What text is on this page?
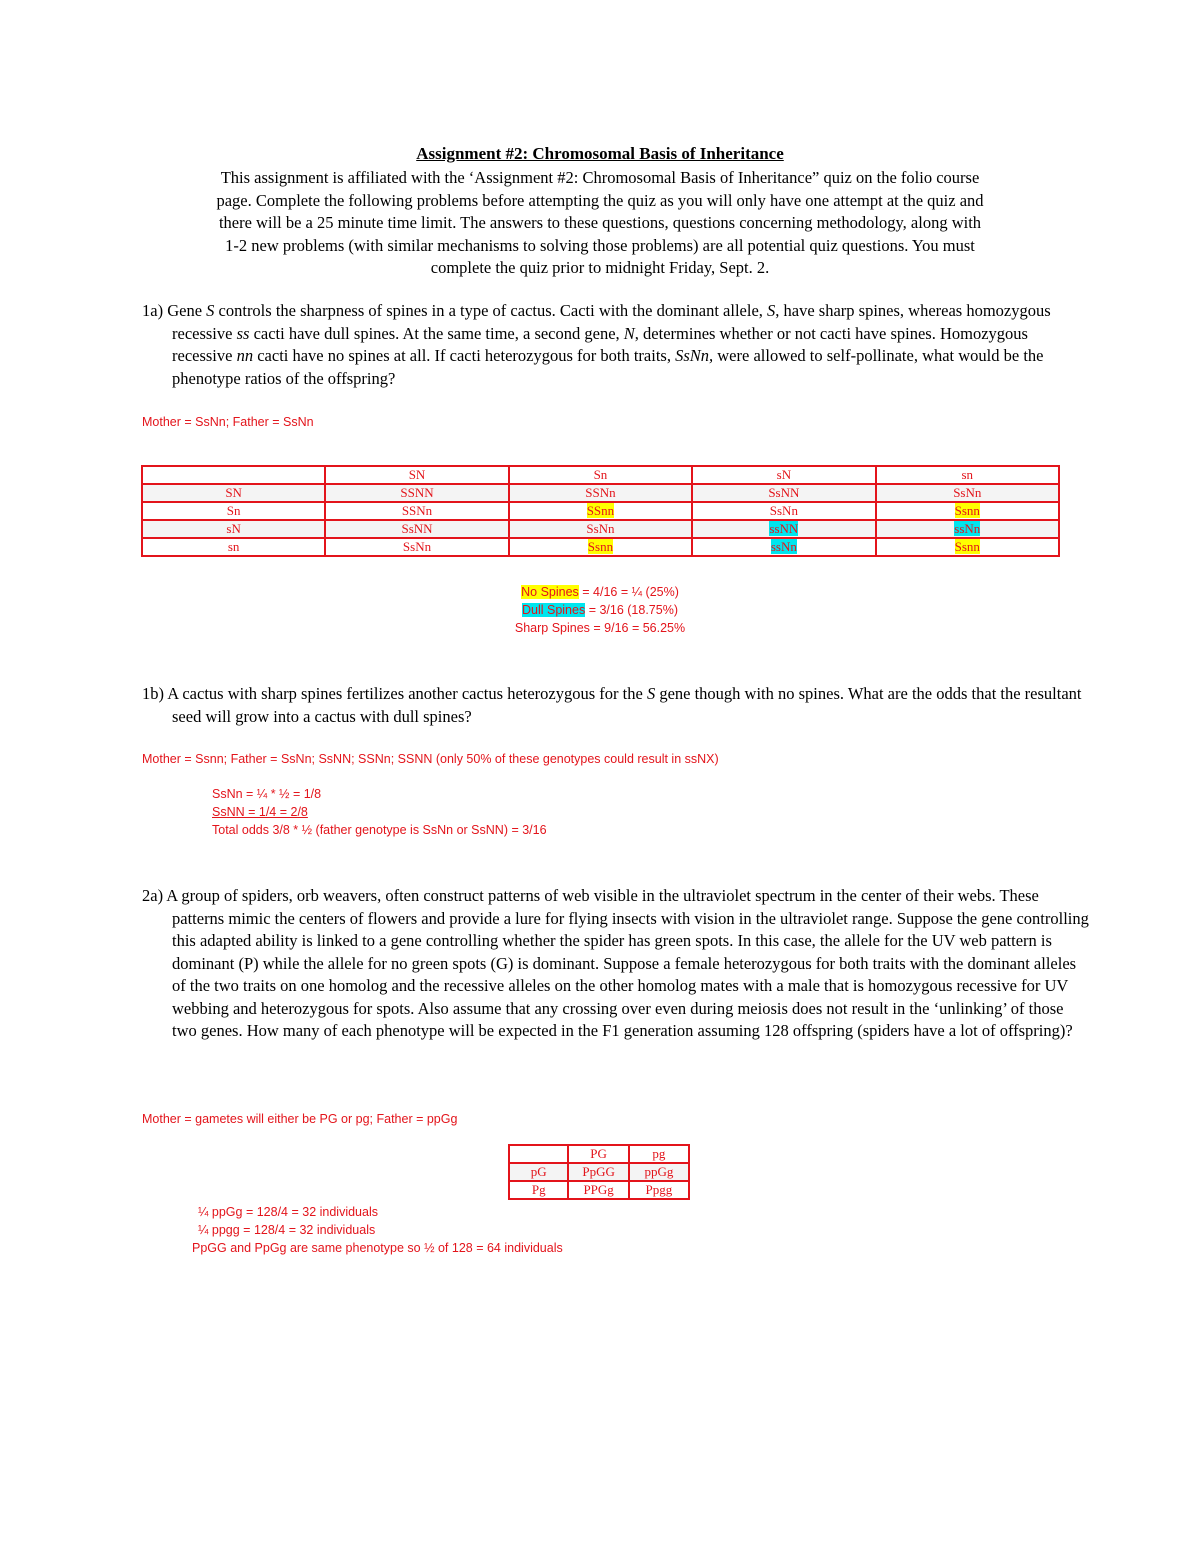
Assignment #2: Chromosomal Basis of Inheritance
This assignment is affiliated with the ‘Assignment #2: Chromosomal Basis of Inheritance” quiz on the folio course
page. Complete the following problems before attempting the quiz as you will only have one attempt at the quiz and
there will be a 25 minute time limit. The answers to these questions, questions concerning methodology, along with
1-2 new problems (with similar mechanisms to solving those problems) are all potential quiz questions. You must
complete the quiz prior to midnight Friday, Sept. 2.
1a) Gene S controls the sharpness of spines in a type of cactus. Cacti with the dominant allele, S, have sharp spines, whereas homozygous recessive ss cacti have dull spines. At the same time, a second gene, N, determines whether or not cacti have spines. Homozygous recessive nn cacti have no spines at all. If cacti heterozygous for both traits, SsNn, were allowed to self-pollinate, what would be the phenotype ratios of the offspring?
Mother = SsNn; Father = SsNn
	SN	Sn	sN	sn
SN	SSNN	SSNn	SsNN	SsNn
Sn	SSNn	SSnn	SsNn	Ssnn
sN	SsNN	SsNn	ssNN	ssNn
sn	SsNn	Ssnn	ssNn	Ssnn
No Spines = 4/16 = ¼ (25%)
Dull Spines = 3/16 (18.75%)
Sharp Spines = 9/16 = 56.25%
1b) A cactus with sharp spines fertilizes another cactus heterozygous for the S gene though with no spines. What are the odds that the resultant seed will grow into a cactus with dull spines?
Mother = Ssnn; Father = SsNn; SsNN; SSNn; SSNN (only 50% of these genotypes could result in ssNX)
SsNn = ¼ * ½ = 1/8
SsNN = 1/4 = 2/8
Total odds 3/8 * ½ (father genotype is SsNn or SsNN) = 3/16
2a) A group of spiders, orb weavers, often construct patterns of web visible in the ultraviolet spectrum in the center of their webs. These patterns mimic the centers of flowers and provide a lure for flying insects with vision in the ultraviolet range. Suppose the gene controlling this adapted ability is linked to a gene controlling whether the spider has green spots. In this case, the allele for the UV web pattern is dominant (P) while the allele for no green spots (G) is dominant. Suppose a female heterozygous for both traits with the dominant alleles of the two traits on one homolog and the recessive alleles on the other homolog mates with a male that is homozygous recessive for UV webbing and heterozygous for spots. Also assume that any crossing over even during meiosis does not result in the ‘unlinking’ of those two genes. How many of each phenotype will be expected in the F1 generation assuming 128 offspring (spiders have a lot of offspring)?
Mother = gametes will either be PG or pg; Father = ppGg
	PG	pg
pG	PpGG	ppGg
Pg	PPGg	Ppgg
¼ ppGg = 128/4 = 32 individuals
¼ ppgg = 128/4 = 32 individuals
PpGG and PpGg are same phenotype so ½ of 128 = 64 individuals
